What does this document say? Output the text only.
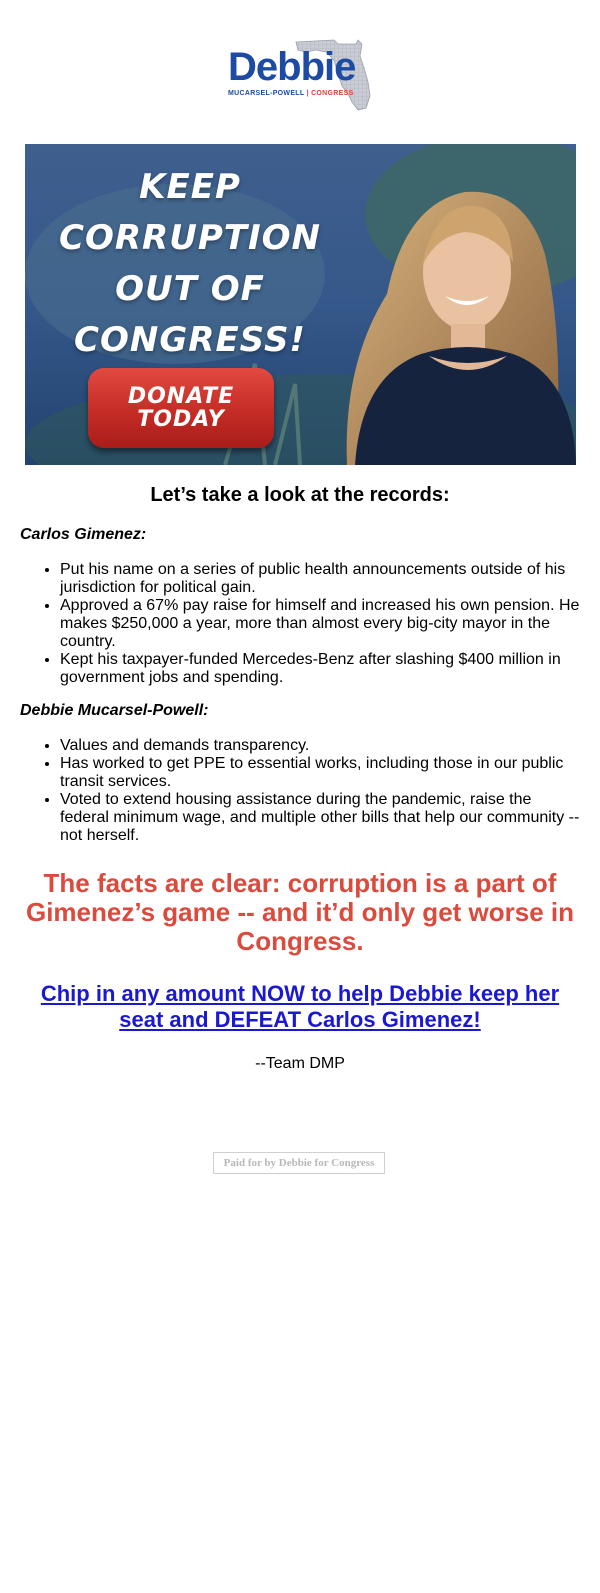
Debbie
MUCARSEL-POWELL | CONGRESS
KEEP
CORRUPTION
OUT OF
CONGRESS!
DONATE
TODAY
Let’s take a look at the records:
Carlos Gimenez:
• Put his name on a series of public health announcements outside of his jurisdiction for political gain.
• Approved a 67% pay raise for himself and increased his own pension. He makes $250,000 a year, more than almost every big-city mayor in the country.
• Kept his taxpayer-funded Mercedes-Benz after slashing $400 million in government jobs and spending.
Debbie Mucarsel-Powell:
• Values and demands transparency.
• Has worked to get PPE to essential works, including those in our public transit services.
• Voted to extend housing assistance during the pandemic, raise the federal minimum wage, and multiple other bills that help our community -- not herself.
The facts are clear: corruption is a part of Gimenez’s game -- and it’d only get worse in Congress.
Chip in any amount NOW to help Debbie keep her seat and DEFEAT Carlos Gimenez!
--Team DMP
Paid for by Debbie for Congress
